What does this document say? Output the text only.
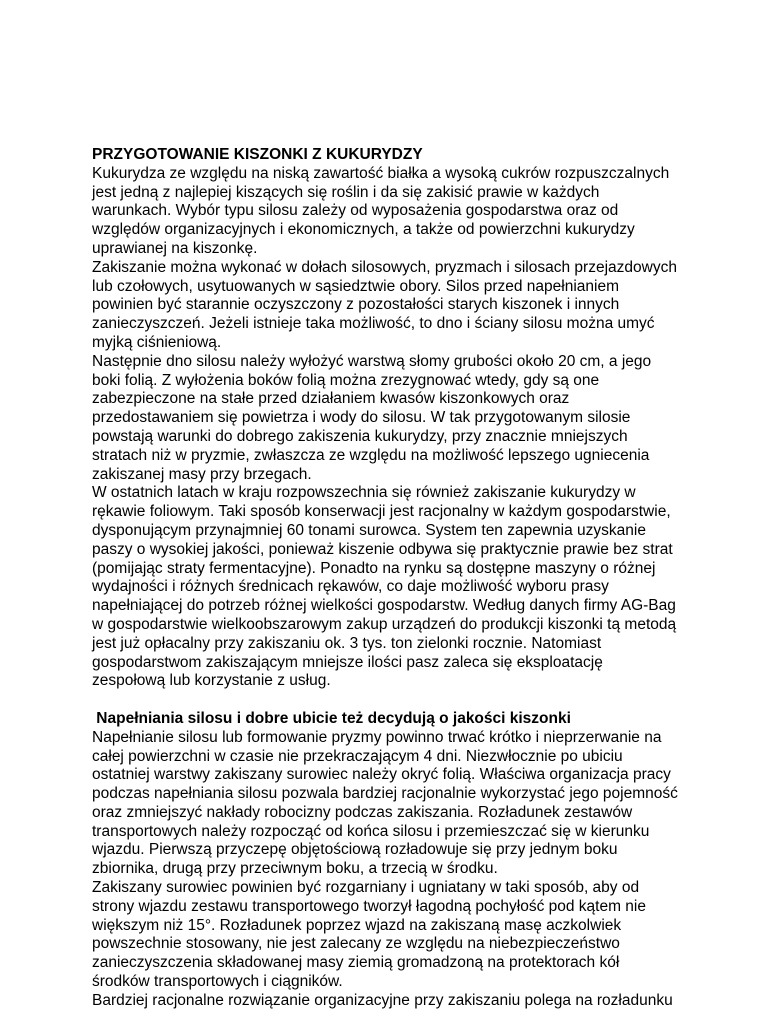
PRZYGOTOWANIE KISZONKI Z KUKURYDZY
Kukurydza ze względu na niską zawartość białka a wysoką cukrów rozpuszczalnych
jest jedną z najlepiej kiszących się roślin i da się zakisić prawie w każdych
warunkach. Wybór typu silosu zależy od wyposażenia gospodarstwa oraz od
względów organizacyjnych i ekonomicznych, a także od powierzchni kukurydzy
uprawianej na kiszonkę.
Zakiszanie można wykonać w dołach silosowych, pryzmach i silosach przejazdowych
lub czołowych, usytuowanych w sąsiedztwie obory. Silos przed napełnianiem
powinien być starannie oczyszczony z pozostałości starych kiszonek i innych
zanieczyszczeń. Jeżeli istnieje taka możliwość, to dno i ściany silosu można umyć
myjką ciśnieniową.
Następnie dno silosu należy wyłożyć warstwą słomy grubości około 20 cm, a jego
boki folią. Z wyłożenia boków folią można zrezygnować wtedy, gdy są one
zabezpieczone na stałe przed działaniem kwasów kiszonkowych oraz
przedostawaniem się powietrza i wody do silosu. W tak przygotowanym silosie
powstają warunki do dobrego zakiszenia kukurydzy, przy znacznie mniejszych
stratach niż w pryzmie, zwłaszcza ze względu na możliwość lepszego ugniecenia
zakiszanej masy przy brzegach.
W ostatnich latach w kraju rozpowszechnia się również zakiszanie kukurydzy w
rękawie foliowym. Taki sposób konserwacji jest racjonalny w każdym gospodarstwie,
dysponującym przynajmniej 60 tonami surowca. System ten zapewnia uzyskanie
paszy o wysokiej jakości, ponieważ kiszenie odbywa się praktycznie prawie bez strat
(pomijając straty fermentacyjne). Ponadto na rynku są dostępne maszyny o różnej
wydajności i różnych średnicach rękawów, co daje możliwość wyboru prasy
napełniającej do potrzeb różnej wielkości gospodarstw. Według danych firmy AG-Bag
w gospodarstwie wielkoobszarowym zakup urządzeń do produkcji kiszonki tą metodą
jest już opłacalny przy zakiszaniu ok. 3 tys. ton zielonki rocznie. Natomiast
gospodarstwom zakiszającym mniejsze ilości pasz zaleca się eksploatację
zespołową lub korzystanie z usług.
Napełniania silosu i dobre ubicie też decydują o jakości kiszonki
Napełnianie silosu lub formowanie pryzmy powinno trwać krótko i nieprzerwanie na
całej powierzchni w czasie nie przekraczającym 4 dni. Niezwłocznie po ubiciu
ostatniej warstwy zakiszany surowiec należy okryć folią. Właściwa organizacja pracy
podczas napełniania silosu pozwala bardziej racjonalnie wykorzystać jego pojemność
oraz zmniejszyć nakłady robocizny podczas zakiszania. Rozładunek zestawów
transportowych należy rozpocząć od końca silosu i przemieszczać się w kierunku
wjazdu. Pierwszą przyczepę objętościową rozładowuje się przy jednym boku
zbiornika, drugą przy przeciwnym boku, a trzecią w środku.
Zakiszany surowiec powinien być rozgarniany i ugniatany w taki sposób, aby od
strony wjazdu zestawu transportowego tworzył łagodną pochyłość pod kątem nie
większym niż 15°. Rozładunek poprzez wjazd na zakiszaną masę aczkolwiek
powszechnie stosowany, nie jest zalecany ze względu na niebezpieczeństwo
zanieczyszczenia składowanej masy ziemią gromadzoną na protektorach kół
środków transportowych i ciągników.
Bardziej racjonalne rozwiązanie organizacyjne przy zakiszaniu polega na rozładunku
